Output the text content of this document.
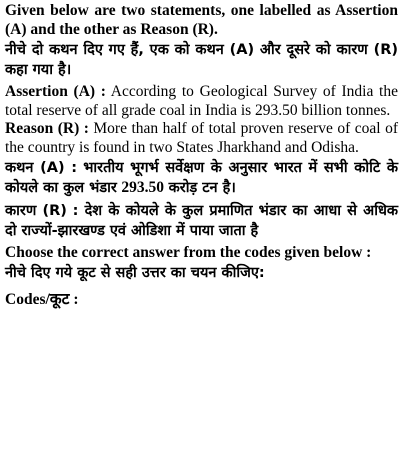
Given below are two statements, one labelled as Assertion (A) and the other as Reason (R).

नीचे दो कथन दिए गए हैं, एक को कथन (A) और दूसरे को कारण (R) कहा गया है।

Assertion (A) : According to Geological Survey of India the total reserve of all grade coal in India is 293.50 billion tonnes.

Reason (R) : More than half of total proven reserve of coal of the country is found in two States Jharkhand and Odisha.

कथन (A) : भारतीय भूगर्भ सर्वेक्षण के अनुसार भारत में सभी कोटि के कोयले का कुल भंडार 293.50 करोड़ टन है।

कारण (R) : देश के कोयले के कुल प्रमाणित भंडार का आधा से अधिक दो राज्यों-झारखण्ड एवं ओडिशा में पाया जाता है

Choose the correct answer from the codes given below :

नीचे दिए गये कूट से सही उत्तर का चयन कीजिए:

Codes/कूट :
